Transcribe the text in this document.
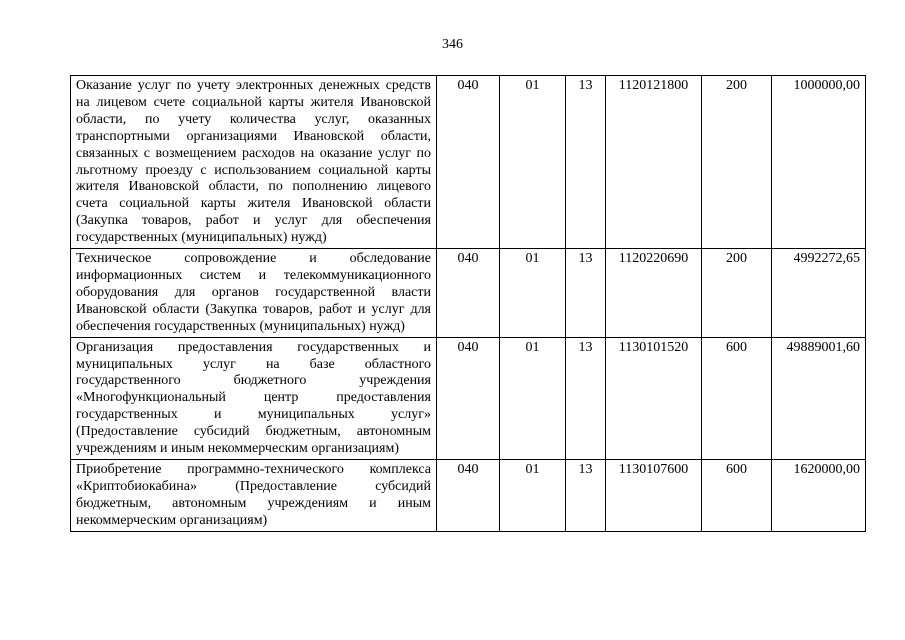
346
Оказание услуг по учету электронных денежных средств на лицевом счете социальной карты жителя Ивановской области, по учету количества услуг, оказанных транспортными организациями Ивановской области, связанных с возмещением расходов на оказание услуг по льготному проезду с использованием социальной карты жителя Ивановской области, по пополнению лицевого счета социальной карты жителя Ивановской области (Закупка товаров, работ и услуг для обеспечения государственных (муниципальных) нужд)	040	01	13	1120121800	200	1000000,00
Техническое сопровождение и обследование информационных систем и телекоммуникационного оборудования для органов государственной власти Ивановской области (Закупка товаров, работ и услуг для обеспечения государственных (муниципальных) нужд)	040	01	13	1120220690	200	4992272,65
Организация предоставления государственных и муниципальных услуг на базе областного государственного бюджетного учреждения «Многофункциональный центр предоставления государственных и муниципальных услуг» (Предоставление субсидий бюджетным, автономным учреждениям и иным некоммерческим организациям)	040	01	13	1130101520	600	49889001,60
Приобретение программно-технического комплекса «Криптобиокабина» (Предоставление субсидий бюджетным, автономным учреждениям и иным некоммерческим организациям)	040	01	13	1130107600	600	1620000,00
